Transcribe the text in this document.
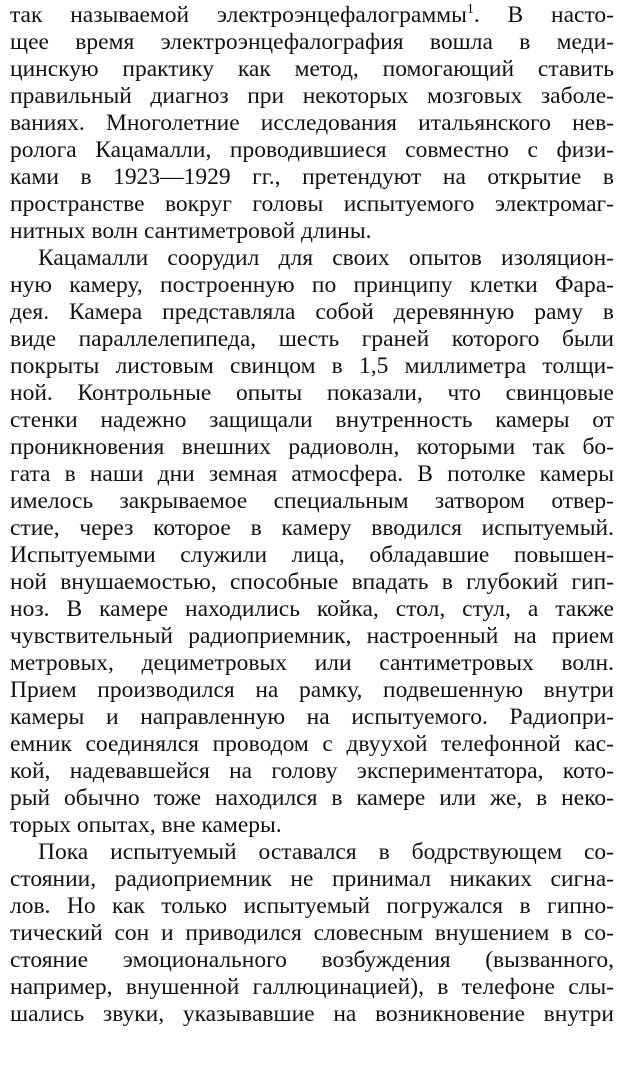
так называемой электроэнцефалограммы$^1$. В насто-
щее время электроэнцефалография вошла в меди-
цинскую практику как метод, помогающий ставить
правильный диагноз при некоторых мозговых заболе-
ваниях. Многолетние исследования итальянского нев-
ролога Кацамалли, проводившиеся совместно с физи-
ками в 1923—1929 гг., претендуют на открытие в
пространстве вокруг головы испытуемого электромаг-
нитных волн сантиметровой длины.
Кацамалли соорудил для своих опытов изоляцион-
ную камеру, построенную по принципу клетки Фара-
дея. Камера представляла собой деревянную раму в
виде параллелепипеда, шесть граней которого были
покрыты листовым свинцом в 1,5 миллиметра толщи-
ной. Контрольные опыты показали, что свинцовые
стенки надежно защищали внутренность камеры от
проникновения внешних радиоволн, которыми так бо-
гата в наши дни земная атмосфера. В потолке камеры
имелось закрываемое специальным затвором отвер-
стие, через которое в камеру вводился испытуемый.
Испытуемыми служили лица, обладавшие повышен-
ной внушаемостью, способные впадать в глубокий гип-
ноз. В камере находились койка, стол, стул, а также
чувствительный радиоприемник, настроенный на прием
метровых, дециметровых или сантиметровых волн.
Прием производился на рамку, подвешенную внутри
камеры и направленную на испытуемого. Радиопри-
емник соединялся проводом с двуухой телефонной кас-
кой, надевавшейся на голову экспериментатора, кото-
рый обычно тоже находился в камере или же, в неко-
торых опытах, вне камеры.
Пока испытуемый оставался в бодрствующем со-
стоянии, радиоприемник не принимал никаких сигна-
лов. Но как только испытуемый погружался в гипно-
тический сон и приводился словесным внушением в со-
стояние эмоционального возбуждения (вызванного,
например, внушенной галлюцинацией), в телефоне слы-
шались звуки, указывавшие на возникновение внутри
